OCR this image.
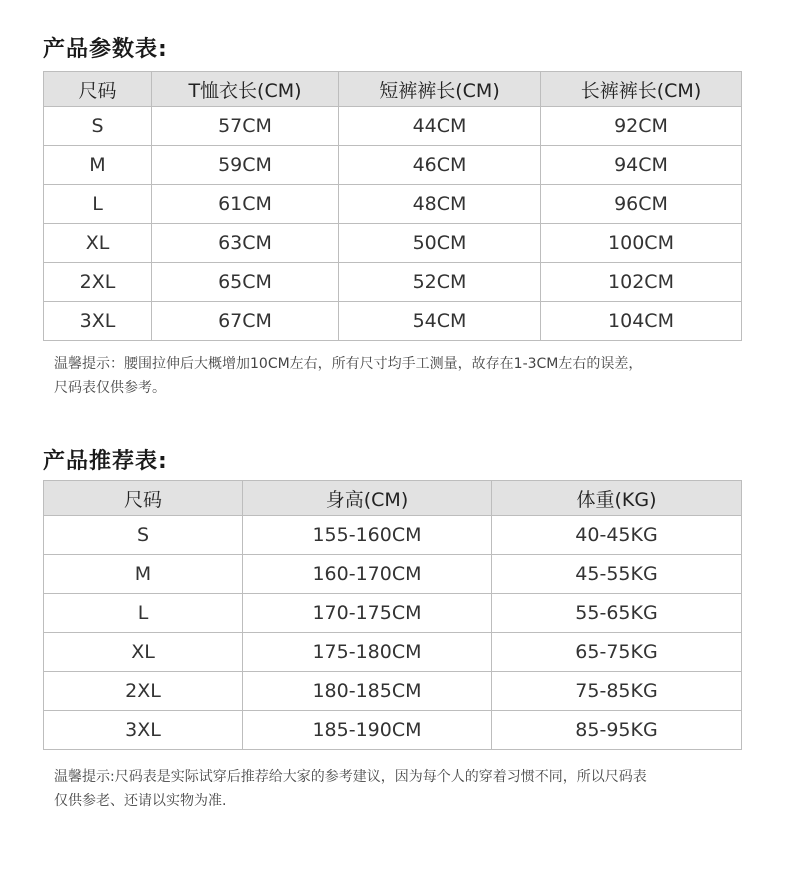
产品参数表:
尺码	T恤衣长(CM)	短裤裤长(CM)	长裤裤长(CM)
S	57CM	44CM	92CM
M	59CM	46CM	94CM
L	61CM	48CM	96CM
XL	63CM	50CM	100CM
2XL	65CM	52CM	102CM
3XL	67CM	54CM	104CM

温馨提示：腰围拉伸后大概增加10CM左右，所有尺寸均手工测量，故存在1-3CM左右的误差，
尺码表仅供参考。

产品推荐表:
尺码	身高(CM)	体重(KG)
S	155-160CM	40-45KG
M	160-170CM	45-55KG
L	170-175CM	55-65KG
XL	175-180CM	65-75KG
2XL	180-185CM	75-85KG
3XL	185-190CM	85-95KG

温馨提示:尺码表是实际试穿后推荐给大家的参考建议，因为每个人的穿着习惯不同，所以尺码表
仅供参老、还请以实物为准.
